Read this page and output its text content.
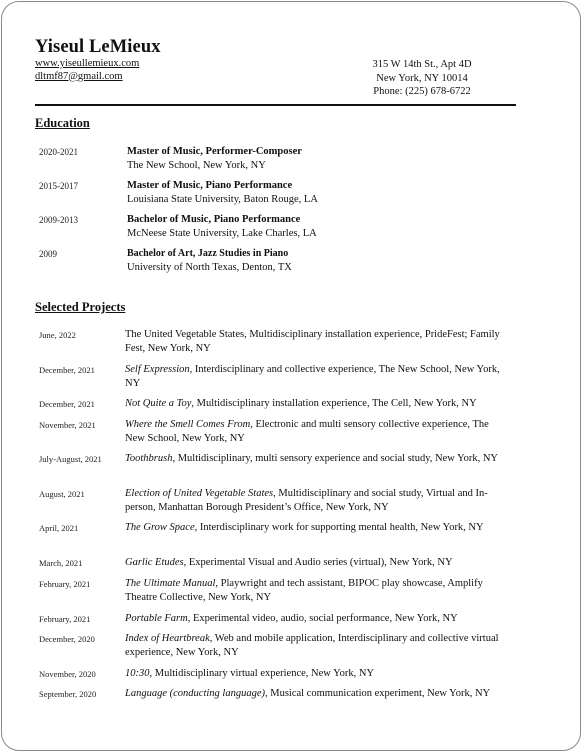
Yiseul LeMieux
www.yiseullemieux.com
dltmf87@gmail.com
315 W 14th St., Apt 4D
New York, NY 10014
Phone: (225) 678-6722
Education
2020-2021	Master of Music, Performer-Composer
The New School, New York, NY
2015-2017	Master of Music, Piano Performance
Louisiana State University, Baton Rouge, LA
2009-2013	Bachelor of Music, Piano Performance
McNeese State University, Lake Charles, LA
2009	Bachelor of Art, Jazz Studies in Piano
University of North Texas, Denton, TX
Selected Projects
June, 2022	The United Vegetable States, Multidisciplinary installation experience, PrideFest; Family Fest, New York, NY
December, 2021	Self Expression, Interdisciplinary and collective experience, The New School, New York, NY
December, 2021	Not Quite a Toy, Multidisciplinary installation experience, The Cell, New York, NY
November, 2021	Where the Smell Comes From, Electronic and multi sensory collective experience, The New School, New York, NY
July-August, 2021	Toothbrush, Multidisciplinary, multi sensory experience and social study, New York, NY
August, 2021	Election of United Vegetable States, Multidisciplinary and social study, Virtual and In-person, Manhattan Borough President’s Office, New York, NY
April, 2021	The Grow Space, Interdisciplinary work for supporting mental health, New York, NY
March, 2021	Garlic Etudes, Experimental Visual and Audio series (virtual), New York, NY
February, 2021	The Ultimate Manual, Playwright and tech assistant, BIPOC play showcase, Amplify Theatre Collective, New York, NY
February, 2021	Portable Farm, Experimental video, audio, social performance, New York, NY
December, 2020	Index of Heartbreak, Web and mobile application, Interdisciplinary and collective virtual experience, New York, NY
November, 2020	10:30, Multidisciplinary virtual experience, New York, NY
September, 2020	Language (conducting language), Musical communication experiment, New York, NY
